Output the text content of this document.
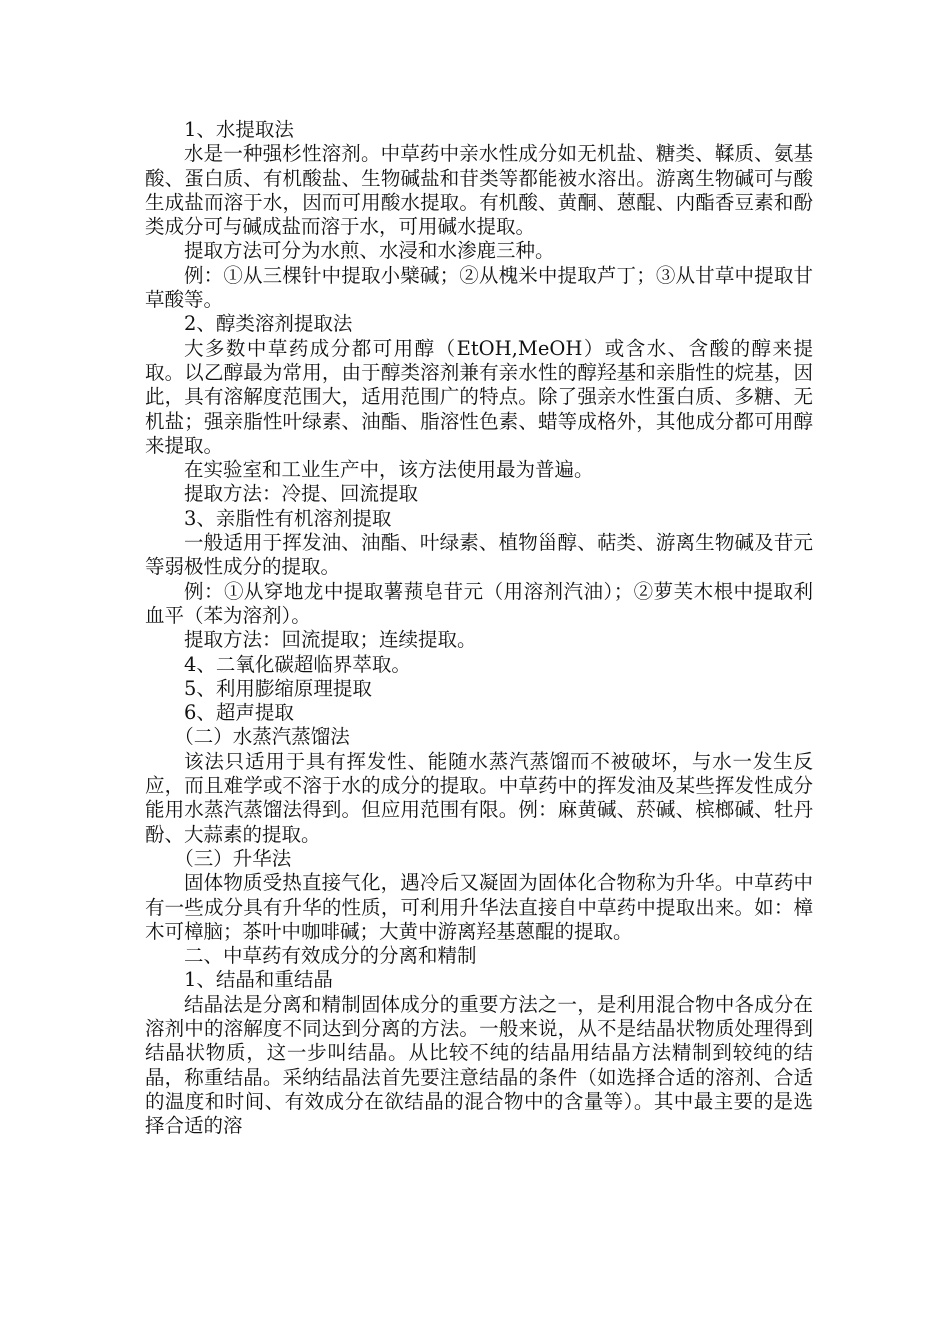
1、水提取法

水是一种强杉性溶剂。中草药中亲水性成分如无机盐、糖类、鞣质、氨基酸、蛋白质、有机酸盐、生物碱盐和苷类等都能被水溶出。游离生物碱可与酸生成盐而溶于水，因而可用酸水提取。有机酸、黄酮、蒽醌、内酯香豆素和酚类成分可与碱成盐而溶于水，可用碱水提取。

提取方法可分为水煎、水浸和水渗鹿三种。

例：①从三棵针中提取小檗碱；②从槐米中提取芦丁；③从甘草中提取甘草酸等。

2、醇类溶剂提取法

大多数中草药成分都可用醇（EtOH,MeOH）或含水、含酸的醇来提取。以乙醇最为常用，由于醇类溶剂兼有亲水性的醇羟基和亲脂性的烷基，因此，具有溶解度范围大，适用范围广的特点。除了强亲水性蛋白质、多糖、无机盐；强亲脂性叶绿素、油酯、脂溶性色素、蜡等成格外，其他成分都可用醇来提取。

在实验室和工业生产中，该方法使用最为普遍。

提取方法：冷提、回流提取

3、亲脂性有机溶剂提取

一般适用于挥发油、油酯、叶绿素、植物甾醇、萜类、游离生物碱及苷元等弱极性成分的提取。

例：①从穿地龙中提取薯蓣皂苷元（用溶剂汽油）；②萝芙木根中提取利血平（苯为溶剂）。

提取方法：回流提取；连续提取。

4、二氧化碳超临界萃取。

5、利用膨缩原理提取

6、超声提取

（二）水蒸汽蒸馏法

该法只适用于具有挥发性、能随水蒸汽蒸馏而不被破坏，与水一发生反应，而且难学或不溶于水的成分的提取。中草药中的挥发油及某些挥发性成分能用水蒸汽蒸馏法得到。但应用范围有限。例：麻黄碱、菸碱、槟榔碱、牡丹酚、大蒜素的提取。

（三）升华法

固体物质受热直接气化，遇冷后又凝固为固体化合物称为升华。中草药中有一些成分具有升华的性质，可利用升华法直接自中草药中提取出来。如：樟木可樟脑；茶叶中咖啡碱；大黄中游离羟基蒽醌的提取。

二、中草药有效成分的分离和精制

1、结晶和重结晶

结晶法是分离和精制固体成分的重要方法之一，是利用混合物中各成分在溶剂中的溶解度不同达到分离的方法。一般来说，从不是结晶状物质处理得到结晶状物质，这一步叫结晶。从比较不纯的结晶用结晶方法精制到较纯的结晶，称重结晶。采纳结晶法首先要注意结晶的条件（如选择合适的溶剂、合适的温度和时间、有效成分在欲结晶的混合物中的含量等）。其中最主要的是选择合适的溶
